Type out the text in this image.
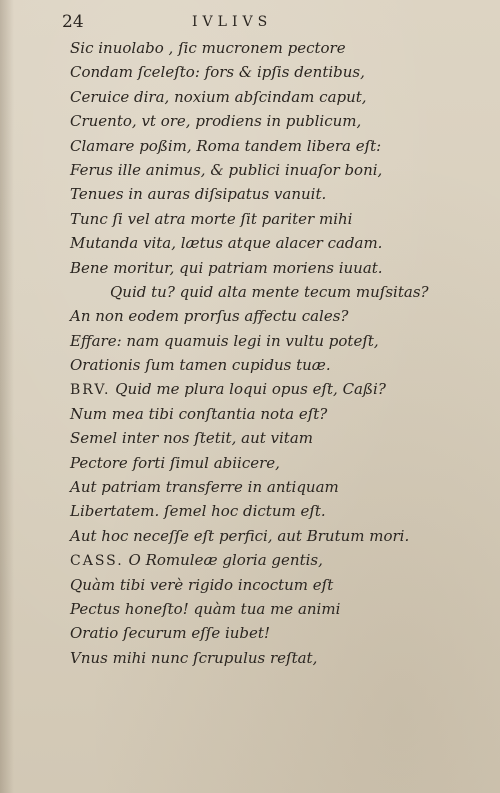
24	IVLIVS
Sic inuolabo , ſic mucronem pectore
Condam ſceleſto: fors & ipſis dentibus,
Ceruice dira, noxium abſcindam caput,
Cruento, vt ore, prodiens in publicum,
Clamare poßim, Roma tandem libera eſt:
Ferus ille animus, & publici inuaſor boni,
Tenues in auras diſsipatus vanuit.
Tunc ſi vel atra morte ſit pariter mihi
Mutanda vita, lætus atque alacer cadam.
Bene moritur, qui patriam moriens iuuat.
Quid tu? quid alta mente tecum muſsitas?
An non eodem prorſus affectu cales?
Effare: nam quamuis legi in vultu poteſt,
Orationis ſum tamen cupidus tuæ.
BRV. Quid me plura loqui opus eſt, Caßi?
Num mea tibi conſtantia nota eſt?
Semel inter nos ſtetit, aut vitam
Pectore forti ſimul abiicere,
Aut patriam transferre in antiquam
Libertatem. ſemel hoc dictum eſt.
Aut hoc neceſſe eſt perfici, aut Brutum mori.
CASS. O Romuleæ gloria gentis,
Quàm tibi verè rigido incoctum eſt
Pectus honeſto! quàm tua me animi
Oratio ſecurum eſſe iubet!
Vnus mihi nunc ſcrupulus reſtat,
